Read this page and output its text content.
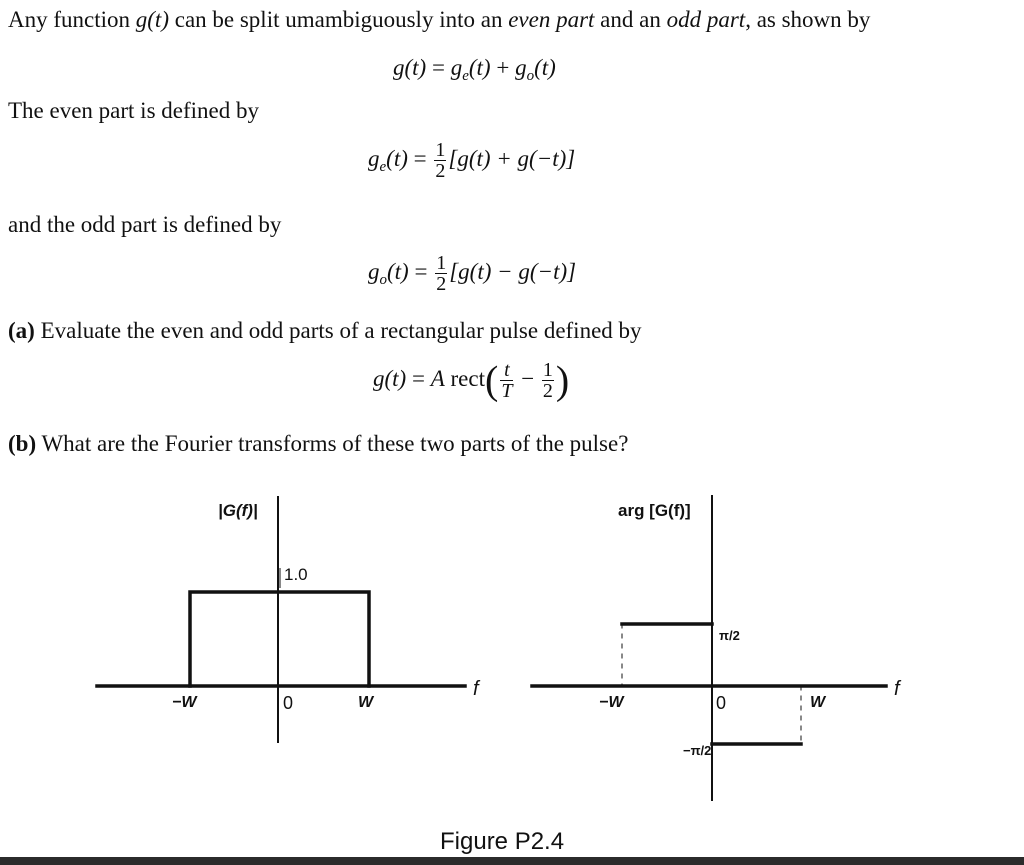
Any function g(t) can be split umambiguously into an even part and an odd part, as shown by
$g(t) = g_e(t) + g_o(t)$
The even part is defined by
$g_e(t) = \frac{1}{2} [g(t) + g(-t)]$
and the odd part is defined by
$g_o(t) = \frac{1}{2} [g(t) - g(-t)]$
(a) Evaluate the even and odd parts of a rectangular pulse defined by
g(t) = A rect( $\frac{t}{T} - \frac{1}{2}$ )
(b) What are the Fourier transforms of these two parts of the pulse?
|G(f)|
1.0
−W	0	W
f
arg [G(f)]
π/2
−π/2
−W	0	W
f
Figure P2.4
